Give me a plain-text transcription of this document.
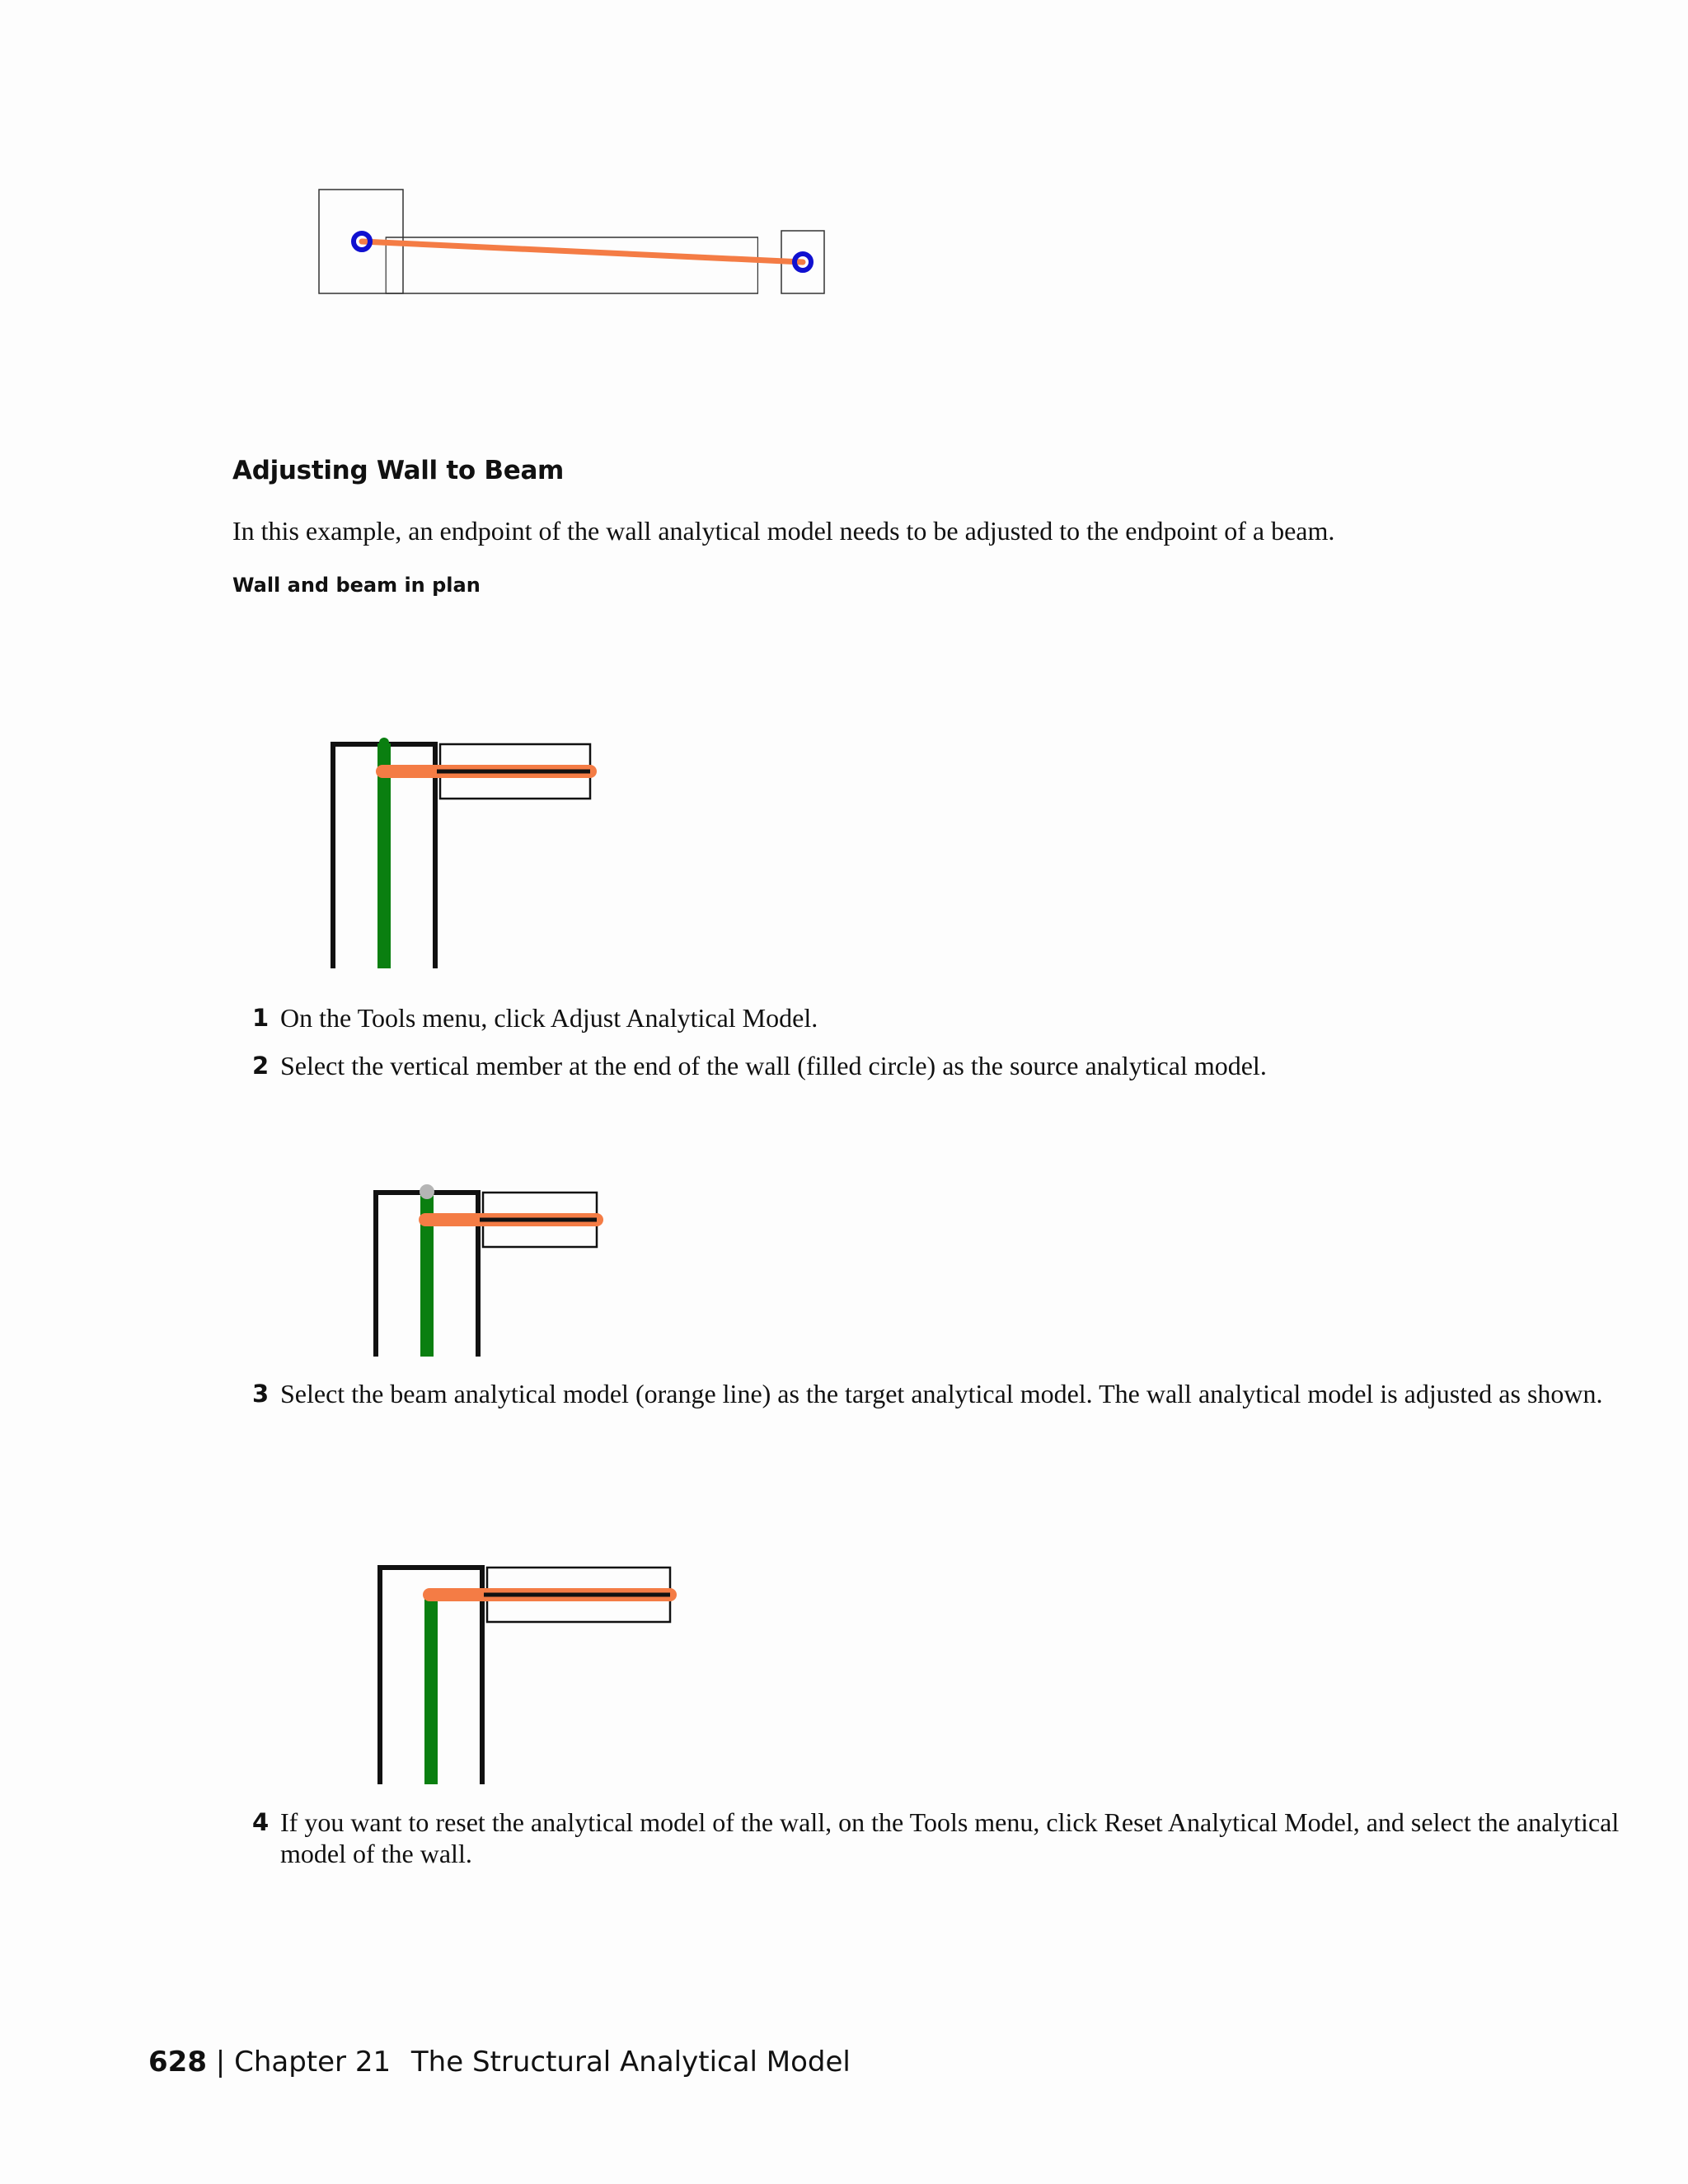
Adjusting Wall to Beam
In this example, an endpoint of the wall analytical model needs to be adjusted to the endpoint of a beam.
Wall and beam in plan
1 On the Tools menu, click Adjust Analytical Model.
2 Select the vertical member at the end of the wall (filled circle) as the source analytical model.
3 Select the beam analytical model (orange line) as the target analytical model. The wall analytical model is adjusted as shown.
4 If you want to reset the analytical model of the wall, on the Tools menu, click Reset Analytical Model, and select the analytical model of the wall.
628 | Chapter 21 The Structural Analytical Model
